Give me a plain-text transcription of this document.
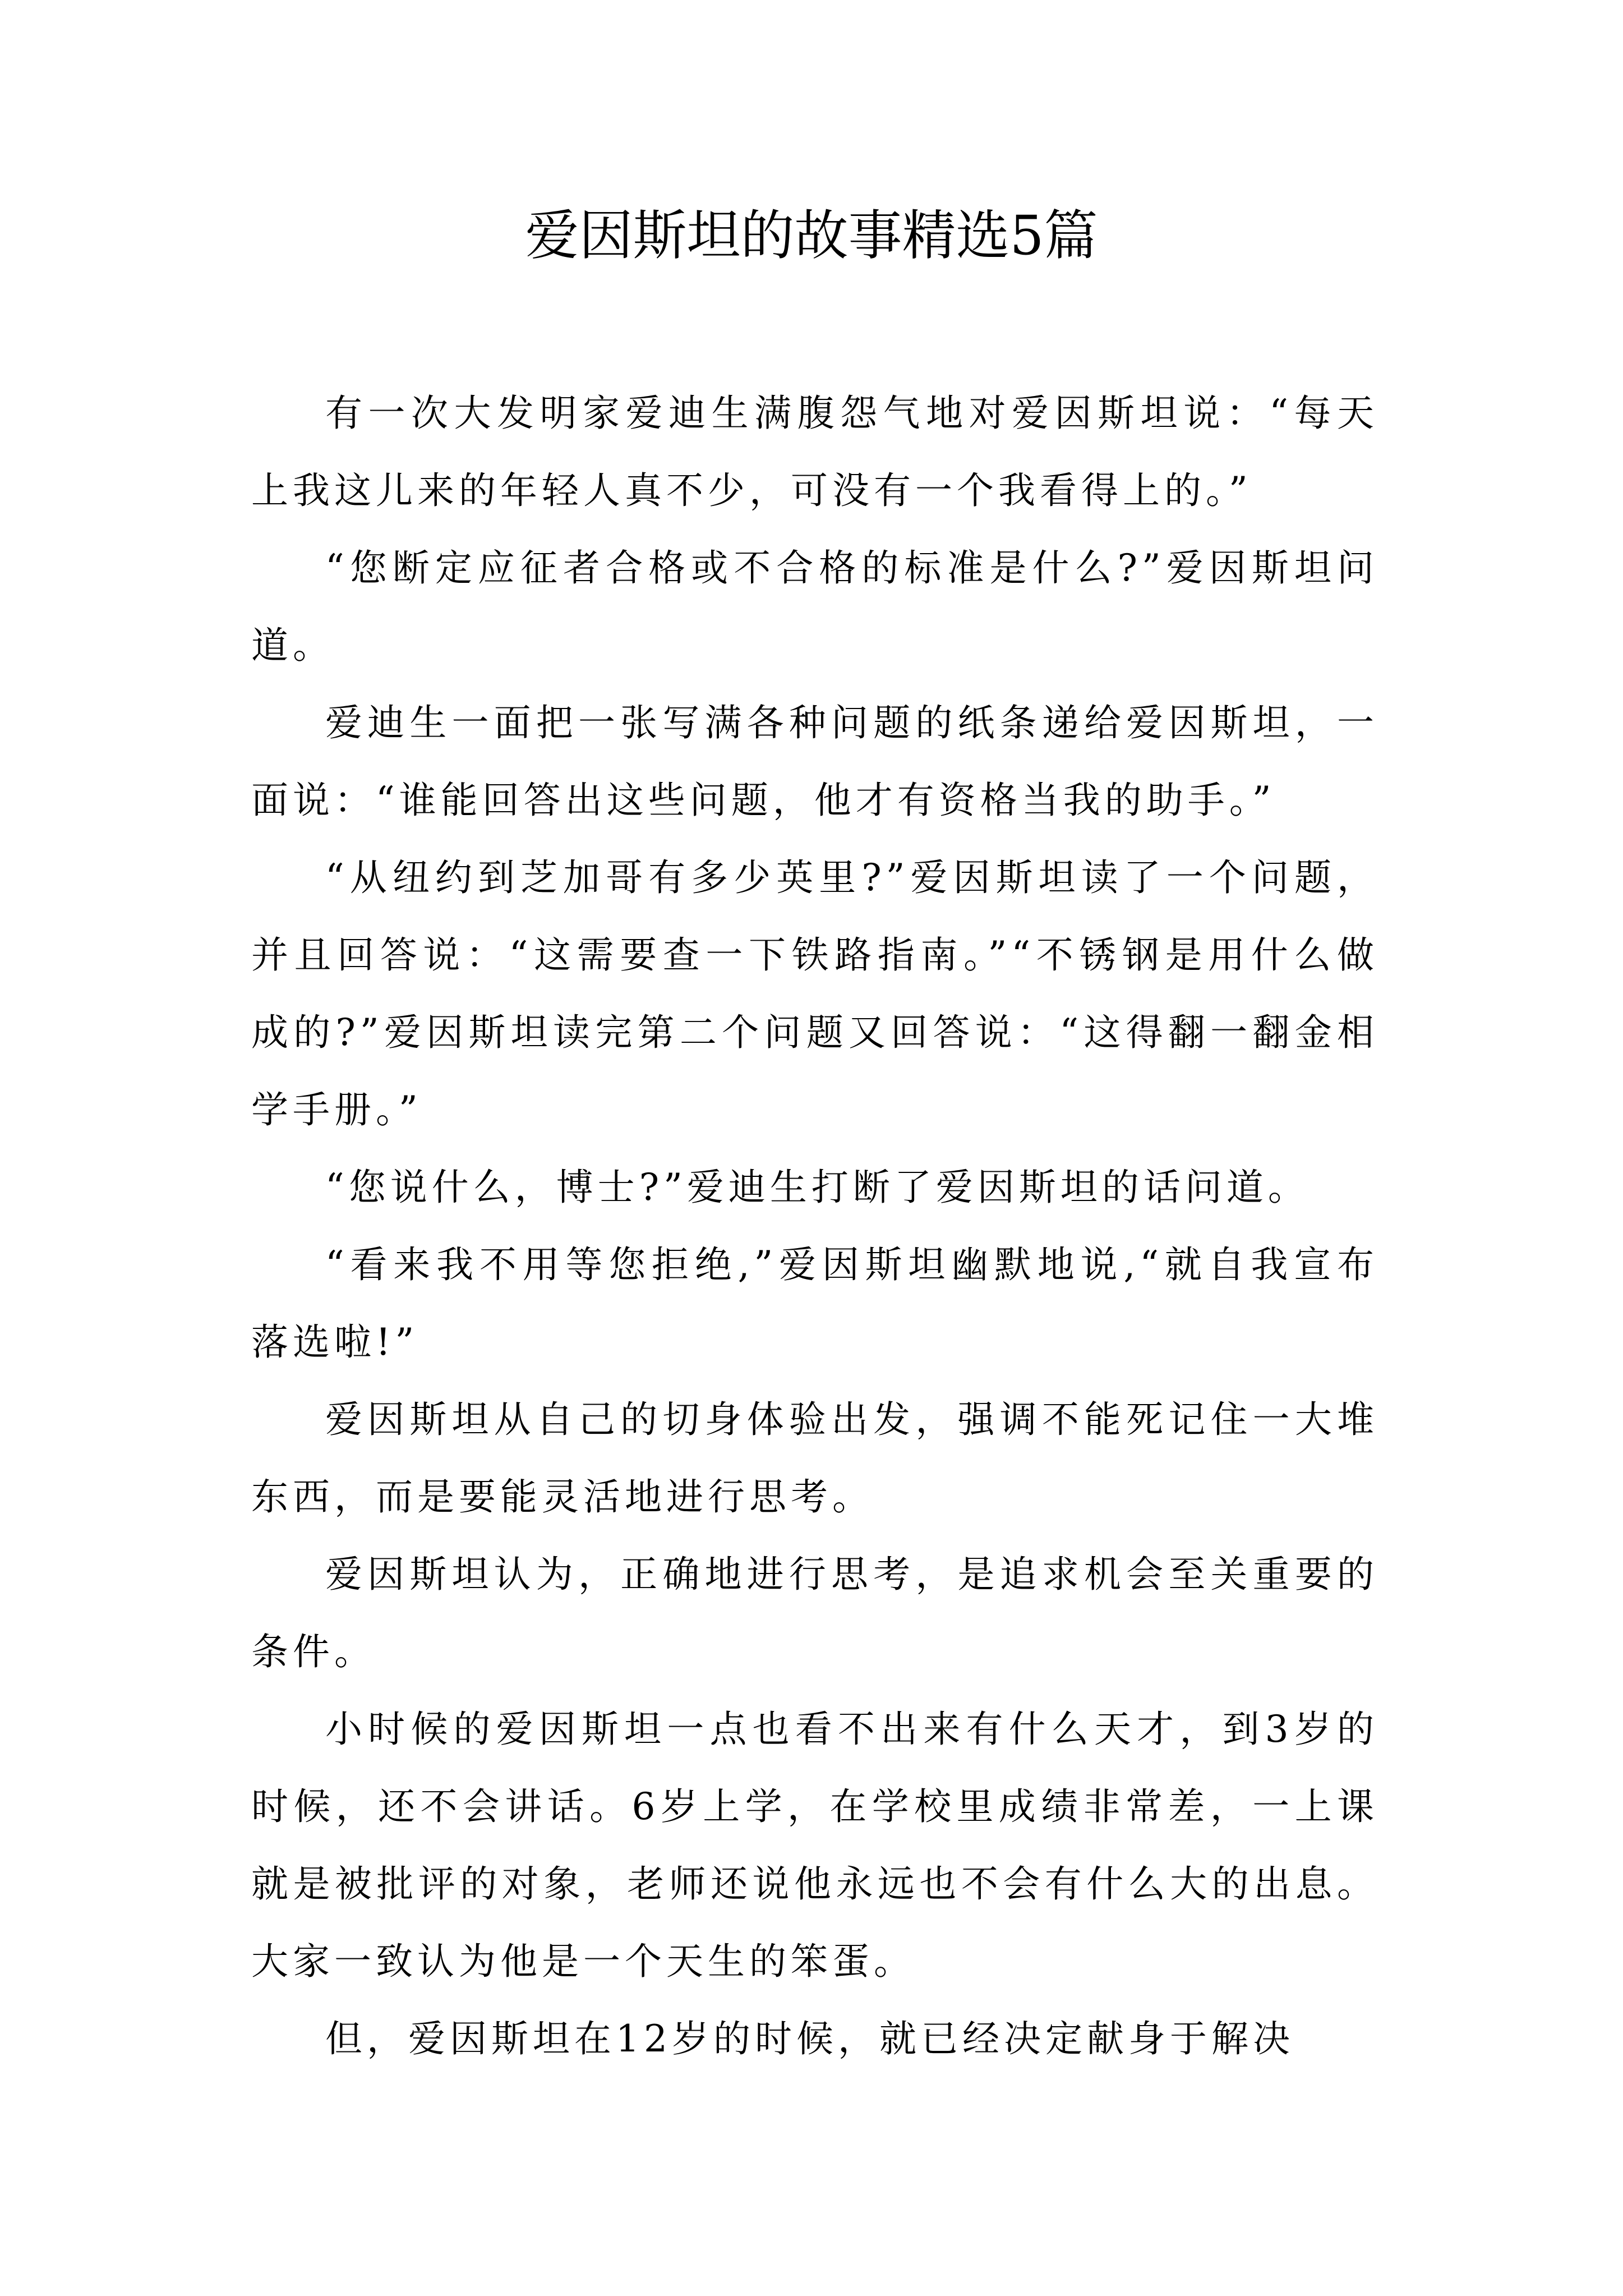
爱因斯坦的故事精选5篇

有一次大发明家爱迪生满腹怨气地对爱因斯坦说：“每天上我这儿来的年轻人真不少，可没有一个我看得上的。”

“您断定应征者合格或不合格的标准是什么?”爱因斯坦问道。

爱迪生一面把一张写满各种问题的纸条递给爱因斯坦，一面说：“谁能回答出这些问题，他才有资格当我的助手。”

“从纽约到芝加哥有多少英里?”爱因斯坦读了一个问题，并且回答说：“这需要查一下铁路指南。”“不锈钢是用什么做成的?”爱因斯坦读完第二个问题又回答说：“这得翻一翻金相学手册。”

“您说什么，博士?”爱迪生打断了爱因斯坦的话问道。

“看来我不用等您拒绝,”爱因斯坦幽默地说,“就自我宣布落选啦!”

爱因斯坦从自己的切身体验出发，强调不能死记住一大堆东西，而是要能灵活地进行思考。

爱因斯坦认为，正确地进行思考，是追求机会至关重要的条件。

小时候的爱因斯坦一点也看不出来有什么天才，到3岁的时候，还不会讲话。6岁上学，在学校里成绩非常差，一上课就是被批评的对象，老师还说他永远也不会有什么大的出息。大家一致认为他是一个天生的笨蛋。

但，爱因斯坦在12岁的时候，就已经决定献身于解决
